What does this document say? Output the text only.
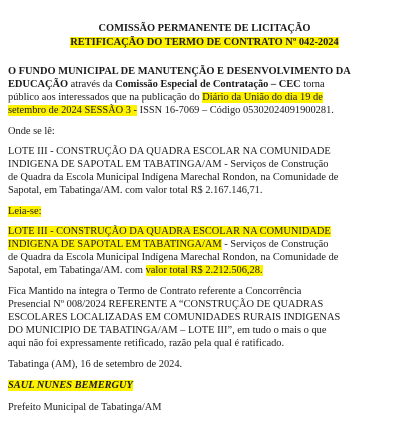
COMISSÃO PERMANENTE DE LICITAÇÃO
RETIFICAÇÃO DO TERMO DE CONTRATO Nº 042-2024
O FUNDO MUNICIPAL DE MANUTENÇÃO E DESENVOLVIMENTO DA
EDUCAÇÃO através da Comissão Especial de Contratação – CEC torna
público aos interessados que na publicação do Diário da União do dia 19 de
setembro de 2024 SESSÃO 3 - ISSN 16-7069 – Código 05302024091900281.
Onde se lê:
LOTE III - CONSTRUÇÃO DA QUADRA ESCOLAR NA COMUNIDADE
INDIGENA DE SAPOTAL EM TABATINGA/AM - Serviços de Construção
de Quadra da Escola Municipal Indígena Marechal Rondon, na Comunidade de
Sapotal, em Tabatinga/AM. com valor total R$ 2.167.146,71.
Leia-se:
LOTE III - CONSTRUÇÃO DA QUADRA ESCOLAR NA COMUNIDADE
INDIGENA DE SAPOTAL EM TABATINGA/AM - Serviços de Construção
de Quadra da Escola Municipal Indígena Marechal Rondon, na Comunidade de
Sapotal, em Tabatinga/AM. com valor total R$ 2.212.506,28.
Fica Mantido na íntegra o Termo de Contrato referente a Concorrência
Presencial Nº 008/2024 REFERENTE A “CONSTRUÇÃO DE QUADRAS
ESCOLARES LOCALIZADAS EM COMUNIDADES RURAIS INDIGENAS
DO MUNICIPIO DE TABATINGA/AM – LOTE III”, em tudo o mais o que
aqui não foi expressamente retificado, razão pela qual é ratificado.
Tabatinga (AM), 16 de setembro de 2024.
SAUL NUNES BEMERGUY
Prefeito Municipal de Tabatinga/AM
